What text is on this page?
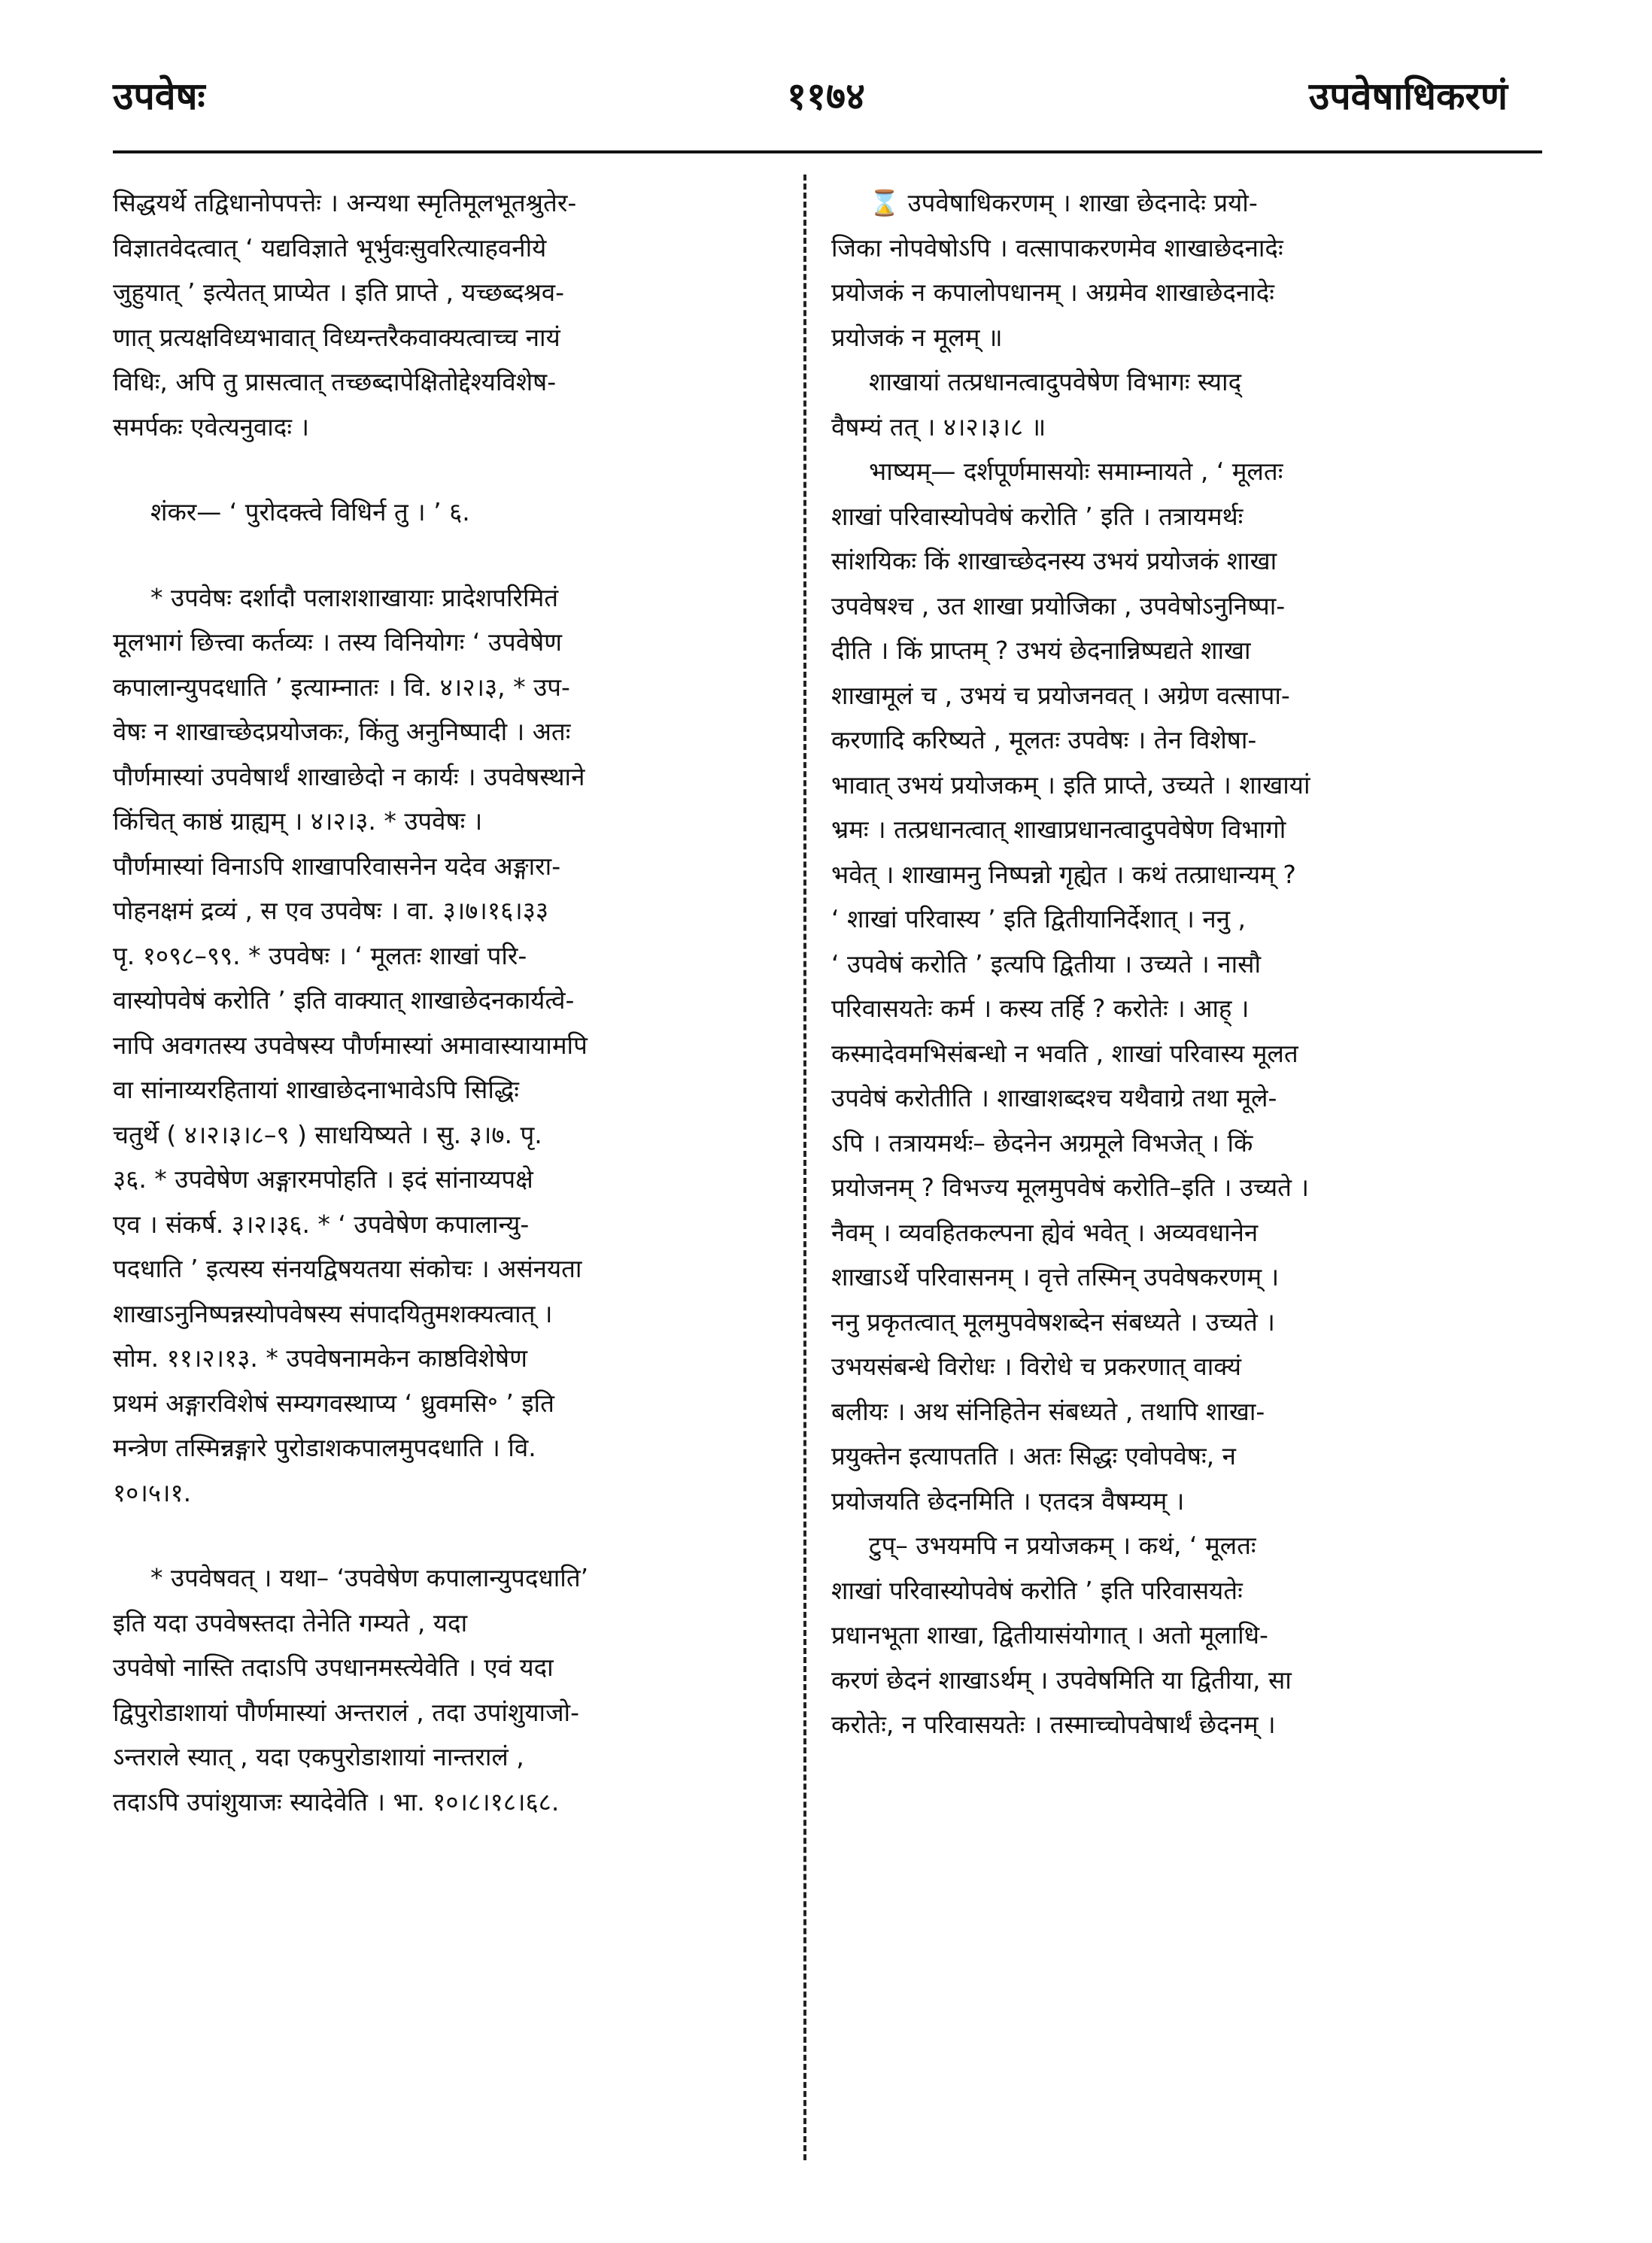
उपवेषः	११७४	उपवेषाधिकरणं
सिद्धयर्थे तद्विधानोपपत्तेः । अन्यथा स्मृतिमूलभूतश्रुतेर-
विज्ञातवेदत्वात् ‘ यद्यविज्ञाते भूर्भुवःसुवरित्याहवनीये
जुहुयात् ’ इत्येतत् प्राप्येत । इति प्राप्ते , यच्छब्दश्रव-
णात् प्रत्यक्षविध्यभावात् विध्यन्तरैकवाक्यत्वाच्च नायं
विधिः, अपि तु प्रासत्वात् तच्छब्दापेक्षितोद्देश्यविशेष-
समर्पकः एवेत्यनुवादः ।
शंकर— ‘ पुरोदक्त्वे विधिर्न तु । ’ ६.
* उपवेषः दर्शादौ पलाशशाखायाः प्रादेशपरिमितं
मूलभागं छित्त्वा कर्तव्यः । तस्य विनियोगः ‘ उपवेषेण
कपालान्युपदधाति ’ इत्याम्नातः । वि. ४।२।३, * उप-
वेषः न शाखाच्छेदप्रयोजकः, किंतु अनुनिष्पादी । अतः
पौर्णमास्यां उपवेषार्थं शाखाछेदो न कार्यः । उपवेषस्थाने
किंचित् काष्ठं ग्राह्यम् । ४।२।३. * उपवेषः ।
पौर्णमास्यां विनाऽपि शाखापरिवासनेन यदेव अङ्गारा-
पोहनक्षमं द्रव्यं , स एव उपवेषः । वा. ३।७।१६।३३
पृ. १०९८–९९. * उपवेषः । ‘ मूलतः शाखां परि-
वास्योपवेषं करोति ’ इति वाक्यात् शाखाछेदनकार्यत्वे-
नापि अवगतस्य उपवेषस्य पौर्णमास्यां अमावास्यायामपि
वा सांनाय्यरहितायां शाखाछेदनाभावेऽपि सिद्धिः
चतुर्थे ( ४।२।३।८–९ ) साधयिष्यते । सु. ३।७. पृ.
३६. * उपवेषेण अङ्गारमपोहति । इदं सांनाय्यपक्षे
एव । संकर्ष. ३।२।३६. * ‘ उपवेषेण कपालान्यु-
पदधाति ’ इत्यस्य संनयद्विषयतया संकोचः । असंनयता
शाखाऽनुनिष्पन्नस्योपवेषस्य संपादयितुमशक्यत्वात् ।
सोम. ११।२।१३. * उपवेषनामकेन काष्ठविशेषेण
प्रथमं अङ्गारविशेषं सम्यगवस्थाप्य ‘ ध्रुवमसि॰ ’ इति
मन्त्रेण तस्मिन्नङ्गारे पुरोडाशकपालमुपदधाति । वि.
१०।५।१.
* उपवेषवत् । यथा– ‘उपवेषेण कपालान्युपदधाति’
इति यदा उपवेषस्तदा तेनेति गम्यते , यदा
उपवेषो नास्ति तदाऽपि उपधानमस्त्येवेति । एवं यदा
द्विपुरोडाशायां पौर्णमास्यां अन्तरालं , तदा उपांशुयाजो-
ऽन्तराले स्यात् , यदा एकपुरोडाशायां नान्तरालं ,
तदाऽपि उपांशुयाजः स्यादेवेति । भा. १०।८।१८।६८.
⌛ उपवेषाधिकरणम् । शाखा छेदनादेः प्रयो-
जिका नोपवेषोऽपि । वत्सापाकरणमेव शाखाछेदनादेः
प्रयोजकं न कपालोपधानम् । अग्रमेव शाखाछेदनादेः
प्रयोजकं न मूलम् ॥
शाखायां तत्प्रधानत्वादुपवेषेण विभागः स्याद्
वैषम्यं तत् । ४।२।३।८ ॥
भाष्यम्— दर्शपूर्णमासयोः समाम्नायते , ‘ मूलतः
शाखां परिवास्योपवेषं करोति ’ इति । तत्रायमर्थः
सांशयिकः किं शाखाच्छेदनस्य उभयं प्रयोजकं शाखा
उपवेषश्च , उत शाखा प्रयोजिका , उपवेषोऽनुनिष्पा-
दीति । किं प्राप्तम् ? उभयं छेदनान्निष्पद्यते शाखा
शाखामूलं च , उभयं च प्रयोजनवत् । अग्रेण वत्सापा-
करणादि करिष्यते , मूलतः उपवेषः । तेन विशेषा-
भावात् उभयं प्रयोजकम् । इति प्राप्ते, उच्यते । शाखायां
भ्रमः । तत्प्रधानत्वात् शाखाप्रधानत्वादुपवेषेण विभागो
भवेत् । शाखामनु निष्पन्नो गृह्येत । कथं तत्प्राधान्यम् ?
‘ शाखां परिवास्य ’ इति द्वितीयानिर्देशात् । ननु ,
‘ उपवेषं करोति ’ इत्यपि द्वितीया । उच्यते । नासौ
परिवासयतेः कर्म । कस्य तर्हि ? करोतेः । आह् ।
कस्मादेवमभिसंबन्धो न भवति , शाखां परिवास्य मूलत
उपवेषं करोतीति । शाखाशब्दश्च यथैवाग्रे तथा मूले-
ऽपि । तत्रायमर्थः– छेदनेन अग्रमूले विभजेत् । किं
प्रयोजनम् ? विभज्य मूलमुपवेषं करोति–इति । उच्यते ।
नैवम् । व्यवहितकल्पना ह्येवं भवेत् । अव्यवधानेन
शाखाऽर्थे परिवासनम् । वृत्ते तस्मिन् उपवेषकरणम् ।
ननु प्रकृतत्वात् मूलमुपवेषशब्देन संबध्यते । उच्यते ।
उभयसंबन्धे विरोधः । विरोधे च प्रकरणात् वाक्यं
बलीयः । अथ संनिहितेन संबध्यते , तथापि शाखा-
प्रयुक्तेन इत्यापतति । अतः सिद्धः एवोपवेषः, न
प्रयोजयति छेदनमिति । एतदत्र वैषम्यम् ।
टुप्– उभयमपि न प्रयोजकम् । कथं, ‘ मूलतः
शाखां परिवास्योपवेषं करोति ’ इति परिवासयतेः
प्रधानभूता शाखा, द्वितीयासंयोगात् । अतो मूलाधि-
करणं छेदनं शाखाऽर्थम् । उपवेषमिति या द्वितीया, सा
करोतेः, न परिवासयतेः । तस्माच्चोपवेषार्थं छेदनम् ।
